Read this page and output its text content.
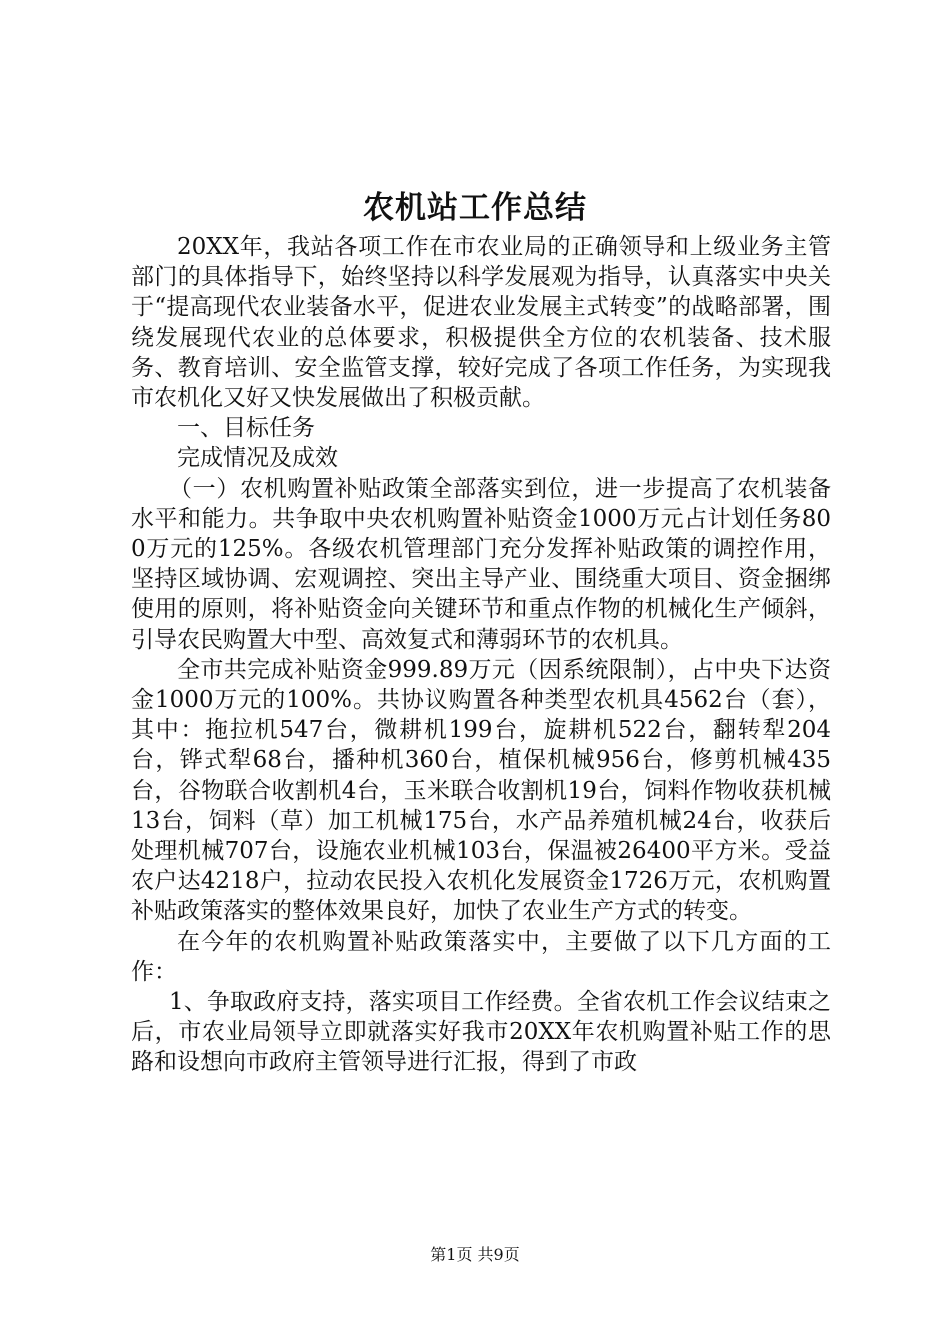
农机站工作总结

20XX年，我站各项工作在市农业局的正确领导和上级业务主管部门的具体指导下，始终坚持以科学发展观为指导，认真落实中央关于“提高现代农业装备水平，促进农业发展主式转变”的战略部署，围绕发展现代农业的总体要求，积极提供全方位的农机装备、技术服务、教育培训、安全监管支撑，较好完成了各项工作任务，为实现我市农机化又好又快发展做出了积极贡献。

一、目标任务

完成情况及成效

（一）农机购置补贴政策全部落实到位，进一步提高了农机装备水平和能力。共争取中央农机购置补贴资金1000万元占计划任务800万元的125%。各级农机管理部门充分发挥补贴政策的调控作用，坚持区域协调、宏观调控、突出主导产业、围绕重大项目、资金捆绑使用的原则，将补贴资金向关键环节和重点作物的机械化生产倾斜，引导农民购置大中型、高效复式和薄弱环节的农机具。

全市共完成补贴资金999.89万元（因系统限制），占中央下达资金1000万元的100%。共协议购置各种类型农机具4562台（套），其中：拖拉机547台，微耕机199台，旋耕机522台，翻转犁204台，铧式犁68台，播种机360台，植保机械956台，修剪机械435台，谷物联合收割机4台，玉米联合收割机19台，饲料作物收获机械13台，饲料（草）加工机械175台，水产品养殖机械24台，收获后处理机械707台，设施农业机械103台，保温被26400平方米。受益农户达4218户，拉动农民投入农机化发展资金1726万元，农机购置补贴政策落实的整体效果良好，加快了农业生产方式的转变。

在今年的农机购置补贴政策落实中，主要做了以下几方面的工作：

1、争取政府支持，落实项目工作经费。全省农机工作会议结束之后，市农业局领导立即就落实好我市20XX年农机购置补贴工作的思路和设想向市政府主管领导进行汇报，得到了市政

第1页 共9页
